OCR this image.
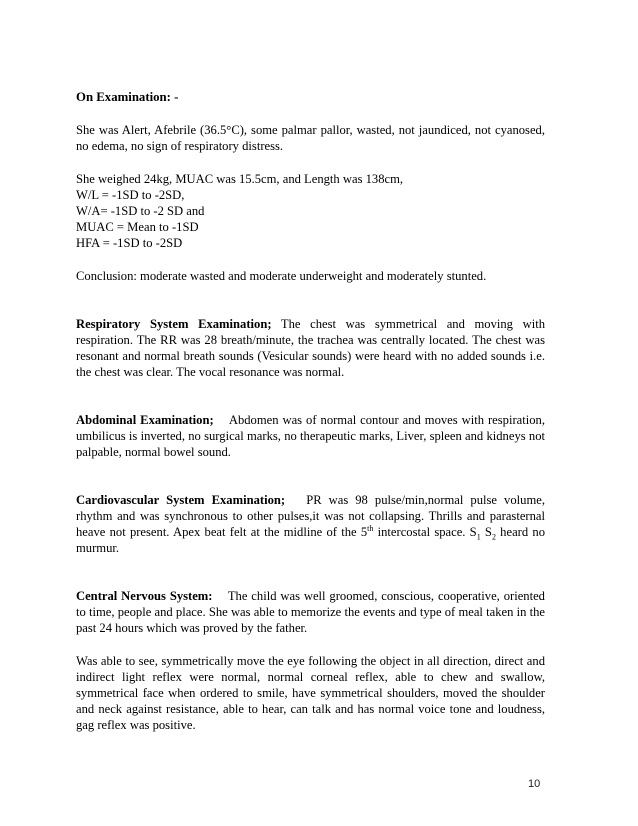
On Examination: -
She was Alert, Afebrile (36.5°C), some palmar pallor, wasted, not jaundiced, not cyanosed, no edema, no sign of respiratory distress.
She weighed 24kg, MUAC was 15.5cm, and Length was 138cm,
W/L = -1SD to -2SD,
W/A= -1SD to -2 SD and
MUAC = Mean to -1SD
HFA = -1SD to -2SD
Conclusion: moderate wasted and moderate underweight and moderately stunted.
Respiratory System Examination; The chest was symmetrical and moving with respiration. The RR was 28 breath/minute, the trachea was centrally located. The chest was resonant and normal breath sounds (Vesicular sounds) were heard with no added sounds i.e. the chest was clear. The vocal resonance was normal.
Abdominal Examination;    Abdomen was of normal contour and moves with respiration, umbilicus is inverted, no surgical marks, no therapeutic marks, Liver, spleen and kidneys not palpable, normal bowel sound.
Cardiovascular System Examination;   PR was 98 pulse/min,normal pulse volume, rhythm and was synchronous to other pulses,it was not collapsing. Thrills and parasternal heave not present. Apex beat felt at the midline of the 5th intercostal space. $S_1$ $S_2$ heard no murmur.
Central Nervous System:    The child was well groomed, conscious, cooperative, oriented to time, people and place. She was able to memorize the events and type of meal taken in the past 24 hours which was proved by the father.
Was able to see, symmetrically move the eye following the object in all direction, direct and indirect light reflex were normal, normal corneal reflex, able to chew and swallow, symmetrical face when ordered to smile, have symmetrical shoulders, moved the shoulder and neck against resistance, able to hear, can talk and has normal voice tone and loudness, gag reflex was positive.
10
